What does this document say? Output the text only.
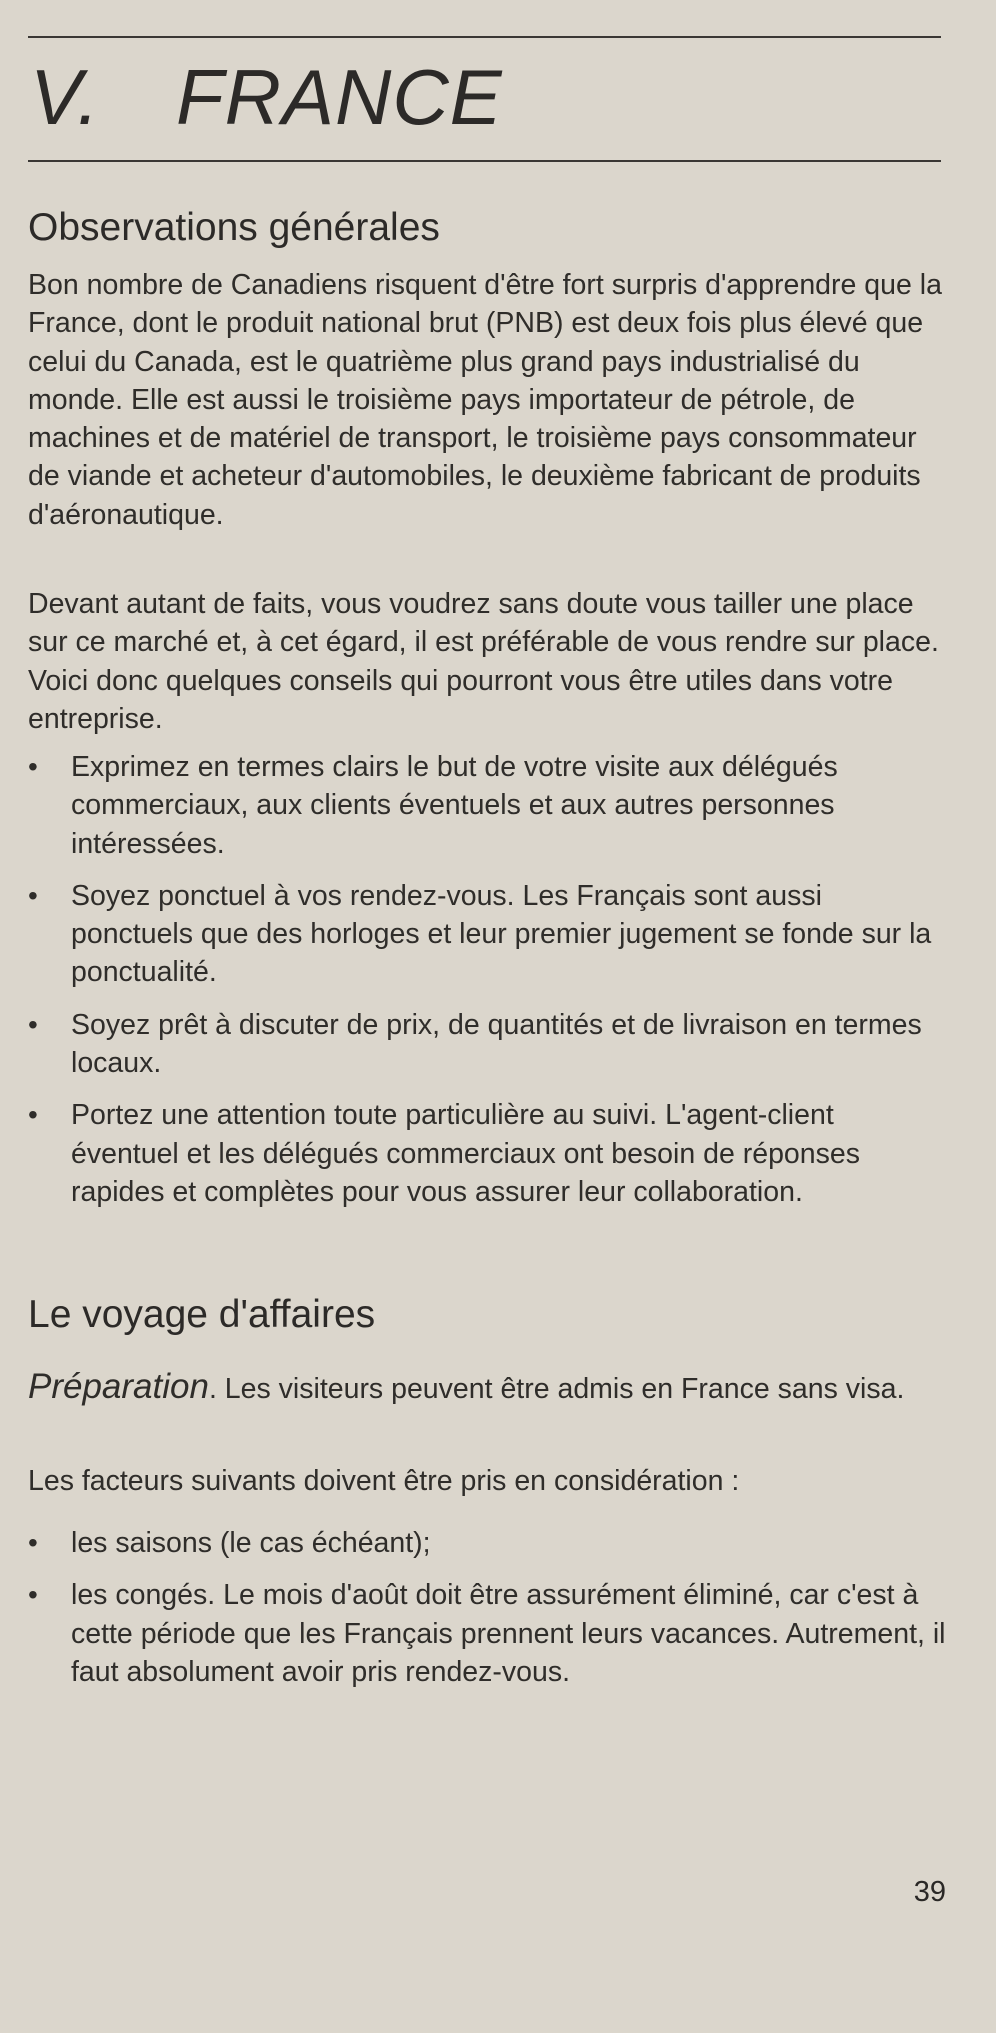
V. FRANCE
Observations générales
Bon nombre de Canadiens risquent d'être fort surpris d'apprendre que la France, dont le produit national brut (PNB) est deux fois plus élevé que celui du Canada, est le quatrième plus grand pays industrialisé du monde. Elle est aussi le troisième pays importateur de pétrole, de machines et de matériel de transport, le troisième pays consommateur de viande et acheteur d'automobiles, le deuxième fabricant de produits d'aéronautique.
Devant autant de faits, vous voudrez sans doute vous tailler une place sur ce marché et, à cet égard, il est préférable de vous rendre sur place. Voici donc quelques conseils qui pourront vous être utiles dans votre entreprise.
• Exprimez en termes clairs le but de votre visite aux délégués commerciaux, aux clients éventuels et aux autres personnes intéressées.
• Soyez ponctuel à vos rendez-vous. Les Français sont aussi ponctuels que des horloges et leur premier jugement se fonde sur la ponctualité.
• Soyez prêt à discuter de prix, de quantités et de livraison en termes locaux.
• Portez une attention toute particulière au suivi. L'agent-client éventuel et les délégués commerciaux ont besoin de réponses rapides et complètes pour vous assurer leur collaboration.
Le voyage d'affaires
Préparation. Les visiteurs peuvent être admis en France sans visa.
Les facteurs suivants doivent être pris en considération :
• les saisons (le cas échéant);
• les congés. Le mois d'août doit être assurément éliminé, car c'est à cette période que les Français prennent leurs vacances. Autrement, il faut absolument avoir pris rendez-vous.
39
